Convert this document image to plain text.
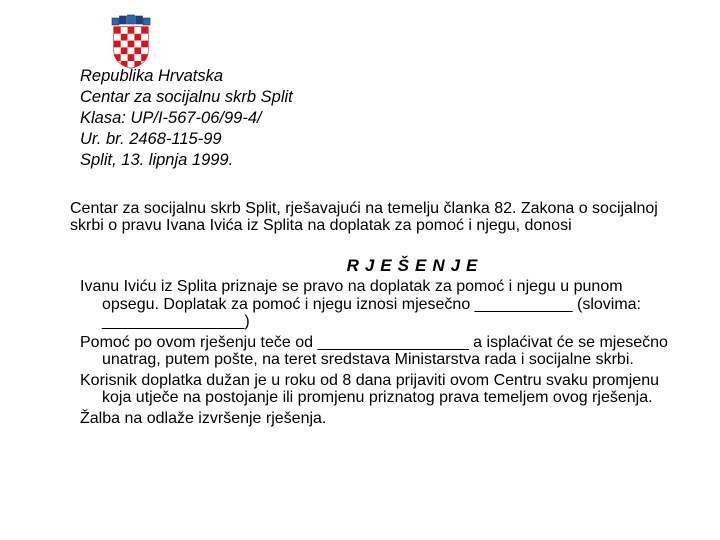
Republika Hrvatska
Centar za socijalnu skrb Split
Klasa: UP/I-567-06/99-4/
Ur. br. 2468-115-99
Split, 13. lipnja 1999.
Centar za socijalnu skrb Split, rješavajući na temelju članka 82. Zakona o socijalnoj skrbi o pravu Ivana Ivića iz Splita na doplatak za pomoć i njegu, donosi
RJEŠENJE

Ivanu Iviću iz Splita priznaje se pravo na doplatak za pomoć i njegu u punom opsegu. Doplatak za pomoć i njegu iznosi mjesečno ___________ (slovima: ________________)

Pomoć po ovom rješenju teče od _________________ a isplaćivat će se mjesečno unatrag, putem pošte, na teret sredstava Ministarstva rada i socijalne skrbi.

Korisnik doplatka dužan je u roku od 8 dana prijaviti ovom Centru svaku promjenu koja utječe na postojanje ili promjenu priznatog prava temeljem ovog rješenja.

Žalba na odlaže izvršenje rješenja.
